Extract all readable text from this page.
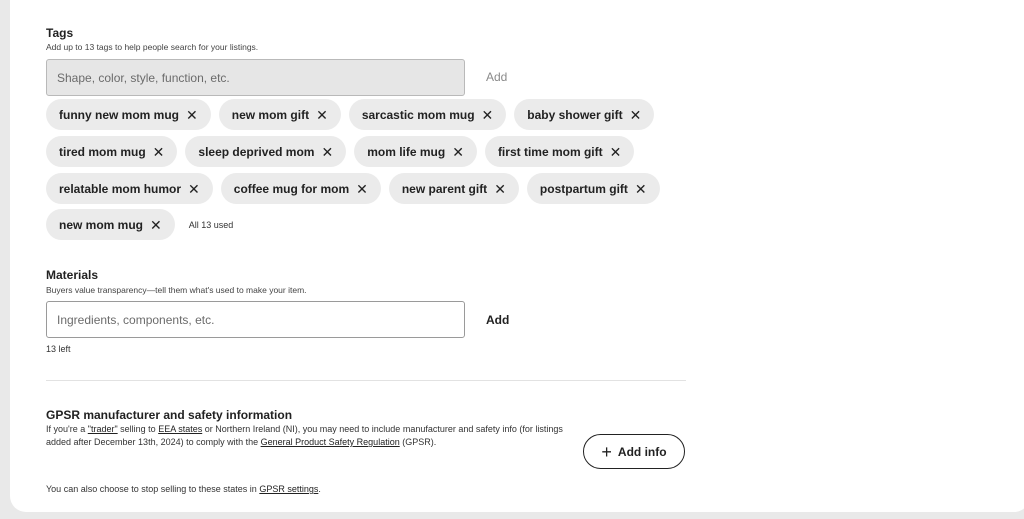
Tags
Add up to 13 tags to help people search for your listings.
Shape, color, style, function, etc.
Add
funny new mom mug ✕	new mom gift ✕	sarcastic mom mug ✕	baby shower gift ✕
tired mom mug ✕	sleep deprived mom ✕	mom life mug ✕	first time mom gift ✕
relatable mom humor ✕	coffee mug for mom ✕	new parent gift ✕	postpartum gift ✕
new mom mug ✕	All 13 used
Materials
Buyers value transparency—tell them what's used to make your item.
Ingredients, components, etc.
Add
13 left
GPSR manufacturer and safety information
If you're a "trader" selling to EEA states or Northern Ireland (NI), you may need to include manufacturer and safety info (for listings added after December 13th, 2024) to comply with the General Product Safety Regulation (GPSR).
You can also choose to stop selling to these states in GPSR settings.
+ Add info
